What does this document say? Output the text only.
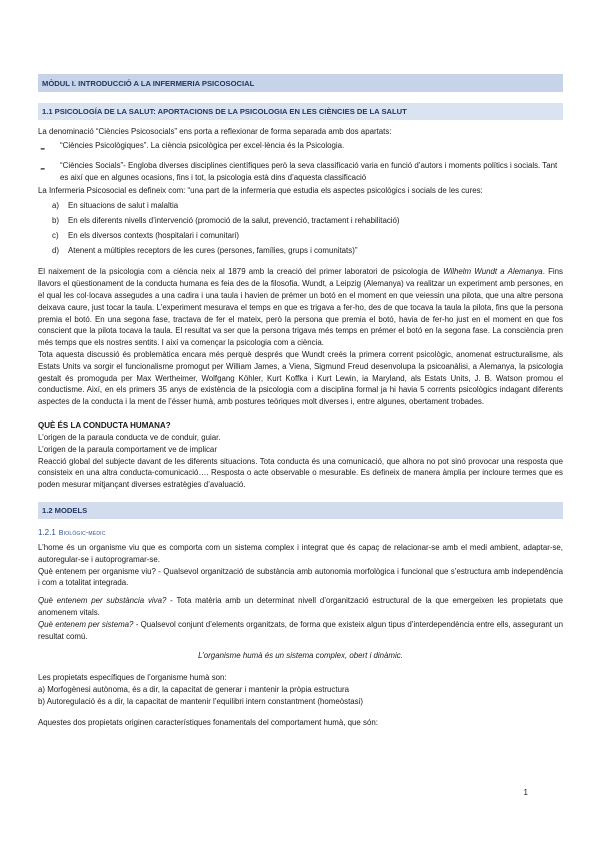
MÒDUL I. INTRODUCCIÓ A LA INFERMERIA PSICOSOCIAL
1.1 PSICOLOGÍA DE LA SALUT: APORTACIONS DE LA PSICOLOGIA EN LES CIÈNCIES DE LA SALUT

La denominació “Ciències Psicosocials” ens porta a reflexionar de forma separada amb dos apartats:

-	“Ciències Psicològiques”. La ciència psicològica per excel·lència és la Psicologia.
-	“Ciències Socials”- Engloba diverses disciplines científiques però la seva classificació varia en funció d’autors i moments polítics i socials. Tant es així que en algunes ocasions, fins i tot, la psicologia està dins d’aquesta classificació

La Infermeria Psicosocial es defineix com: “una part de la infermeria que estudia els aspectes psicològics i socials de les cures:

a)	En situacions de salut i malaltia
b)	En els diferents nivells d’intervenció (promoció de la salut, prevenció, tractament i rehabilitació)
c)	En els diversos contexts (hospitalari i comunitari)
d)	Atenent a múltiples receptors de les cures (persones, famílies, grups i comunitats)”

El naixement de la psicologia com a ciència neix al 1879 amb la creació del primer laboratori de psicologia de Wilhelm Wundt a Alemanya. Fins llavors el qüestionament de la conducta humana es feia des de la filosofia. Wundt, a Leipzig (Alemanya) va realitzar un experiment amb persones, en el qual les col·locava assegudes a una cadira i una taula i havien de prémer un botó en el moment en que veiessin una pilota, que una altre persona deixava caure, just tocar la taula. L’experiment mesurava el temps en que es trigava a fer-ho, des de que tocava la taula la pilota, fins que la persona premia el botó. En una segona fase, tractava de fer el mateix, però la persona que premia el botó, havia de fer-ho just en el moment en que fos conscient que la pilota tocava la taula. El resultat va ser que la persona trigava més temps en prémer el botó en la segona fase. La consciència pren més temps que els nostres sentits. I així va començar la psicologia com a ciència.

Tota aquesta discussió és problemàtica encara més perquè després que Wundt creés la primera corrent psicològic, anomenat estructuralisme, als Estats Units va sorgir el funcionalisme promogut per William James, a Viena, Sigmund Freud desenvolupa la psicoanàlisi, a Alemanya, la psicologia gestalt és promoguda per Max Wertheimer, Wolfgang Köhler, Kurt Koffka i Kurt Lewin, ia Maryland, als Estats Units, J. B. Watson promou el conductisme. Així, en els primers 35 anys de existència de la psicologia com a disciplina formal ja hi havia 5 corrents psicològics indagant diferents aspectes de la conducta i la ment de l’ésser humà, amb postures teòriques molt diverses i, entre algunes, obertament trobades.

QUÈ ÉS LA CONDUCTA HUMANA?

L’origen de la paraula conducta ve de conduir, guiar.

L’origen de la paraula comportament ve de implicar

Reacció global del subjecte davant de les diferents situacions. Tota conducta és una comunicació, que alhora no pot sinó provocar una resposta que consisteix en una altra conducta-comunicació…. Resposta o acte observable o mesurable. Es defineix de manera àmplia per incloure termes que es poden mesurar mitjançant diverses estratègies d’avaluació.

1.2 MODELS
1.2.1 Biològic-mèdic

L’home és un organisme viu que es comporta com un sistema complex i integrat que és capaç de relacionar-se amb el medi ambient, adaptar-se, autoregular-se i autoprogramar-se.

Què entenem per organisme viu? - Qualsevol organització de substància amb autonomia morfològica i funcional que s’estructura amb independència i com a totalitat integrada.

Què entenem per substància viva? - Tota matèria amb un determinat nivell d’organització estructural de la que emergeixen les propietats que anomenem vitals.

Què entenem per sistema? - Qualsevol conjunt d’elements organitzats, de forma que existeix algun tipus d’interdependència entre ells, assegurant un resultat comú.

L’organisme humà és un sistema complex, obert i dinàmic.

Les propietats específiques de l’organisme humà son:

a) Morfogènesi autònoma, és a dir, la capacitat de generar i mantenir la pròpia estructura

b) Autoregulació és a dir, la capacitat de mantenir l’equilibri intern constantment (homeòstasi)

Aquestes dos propietats originen característiques fonamentals del comportament humà, que són:

1
